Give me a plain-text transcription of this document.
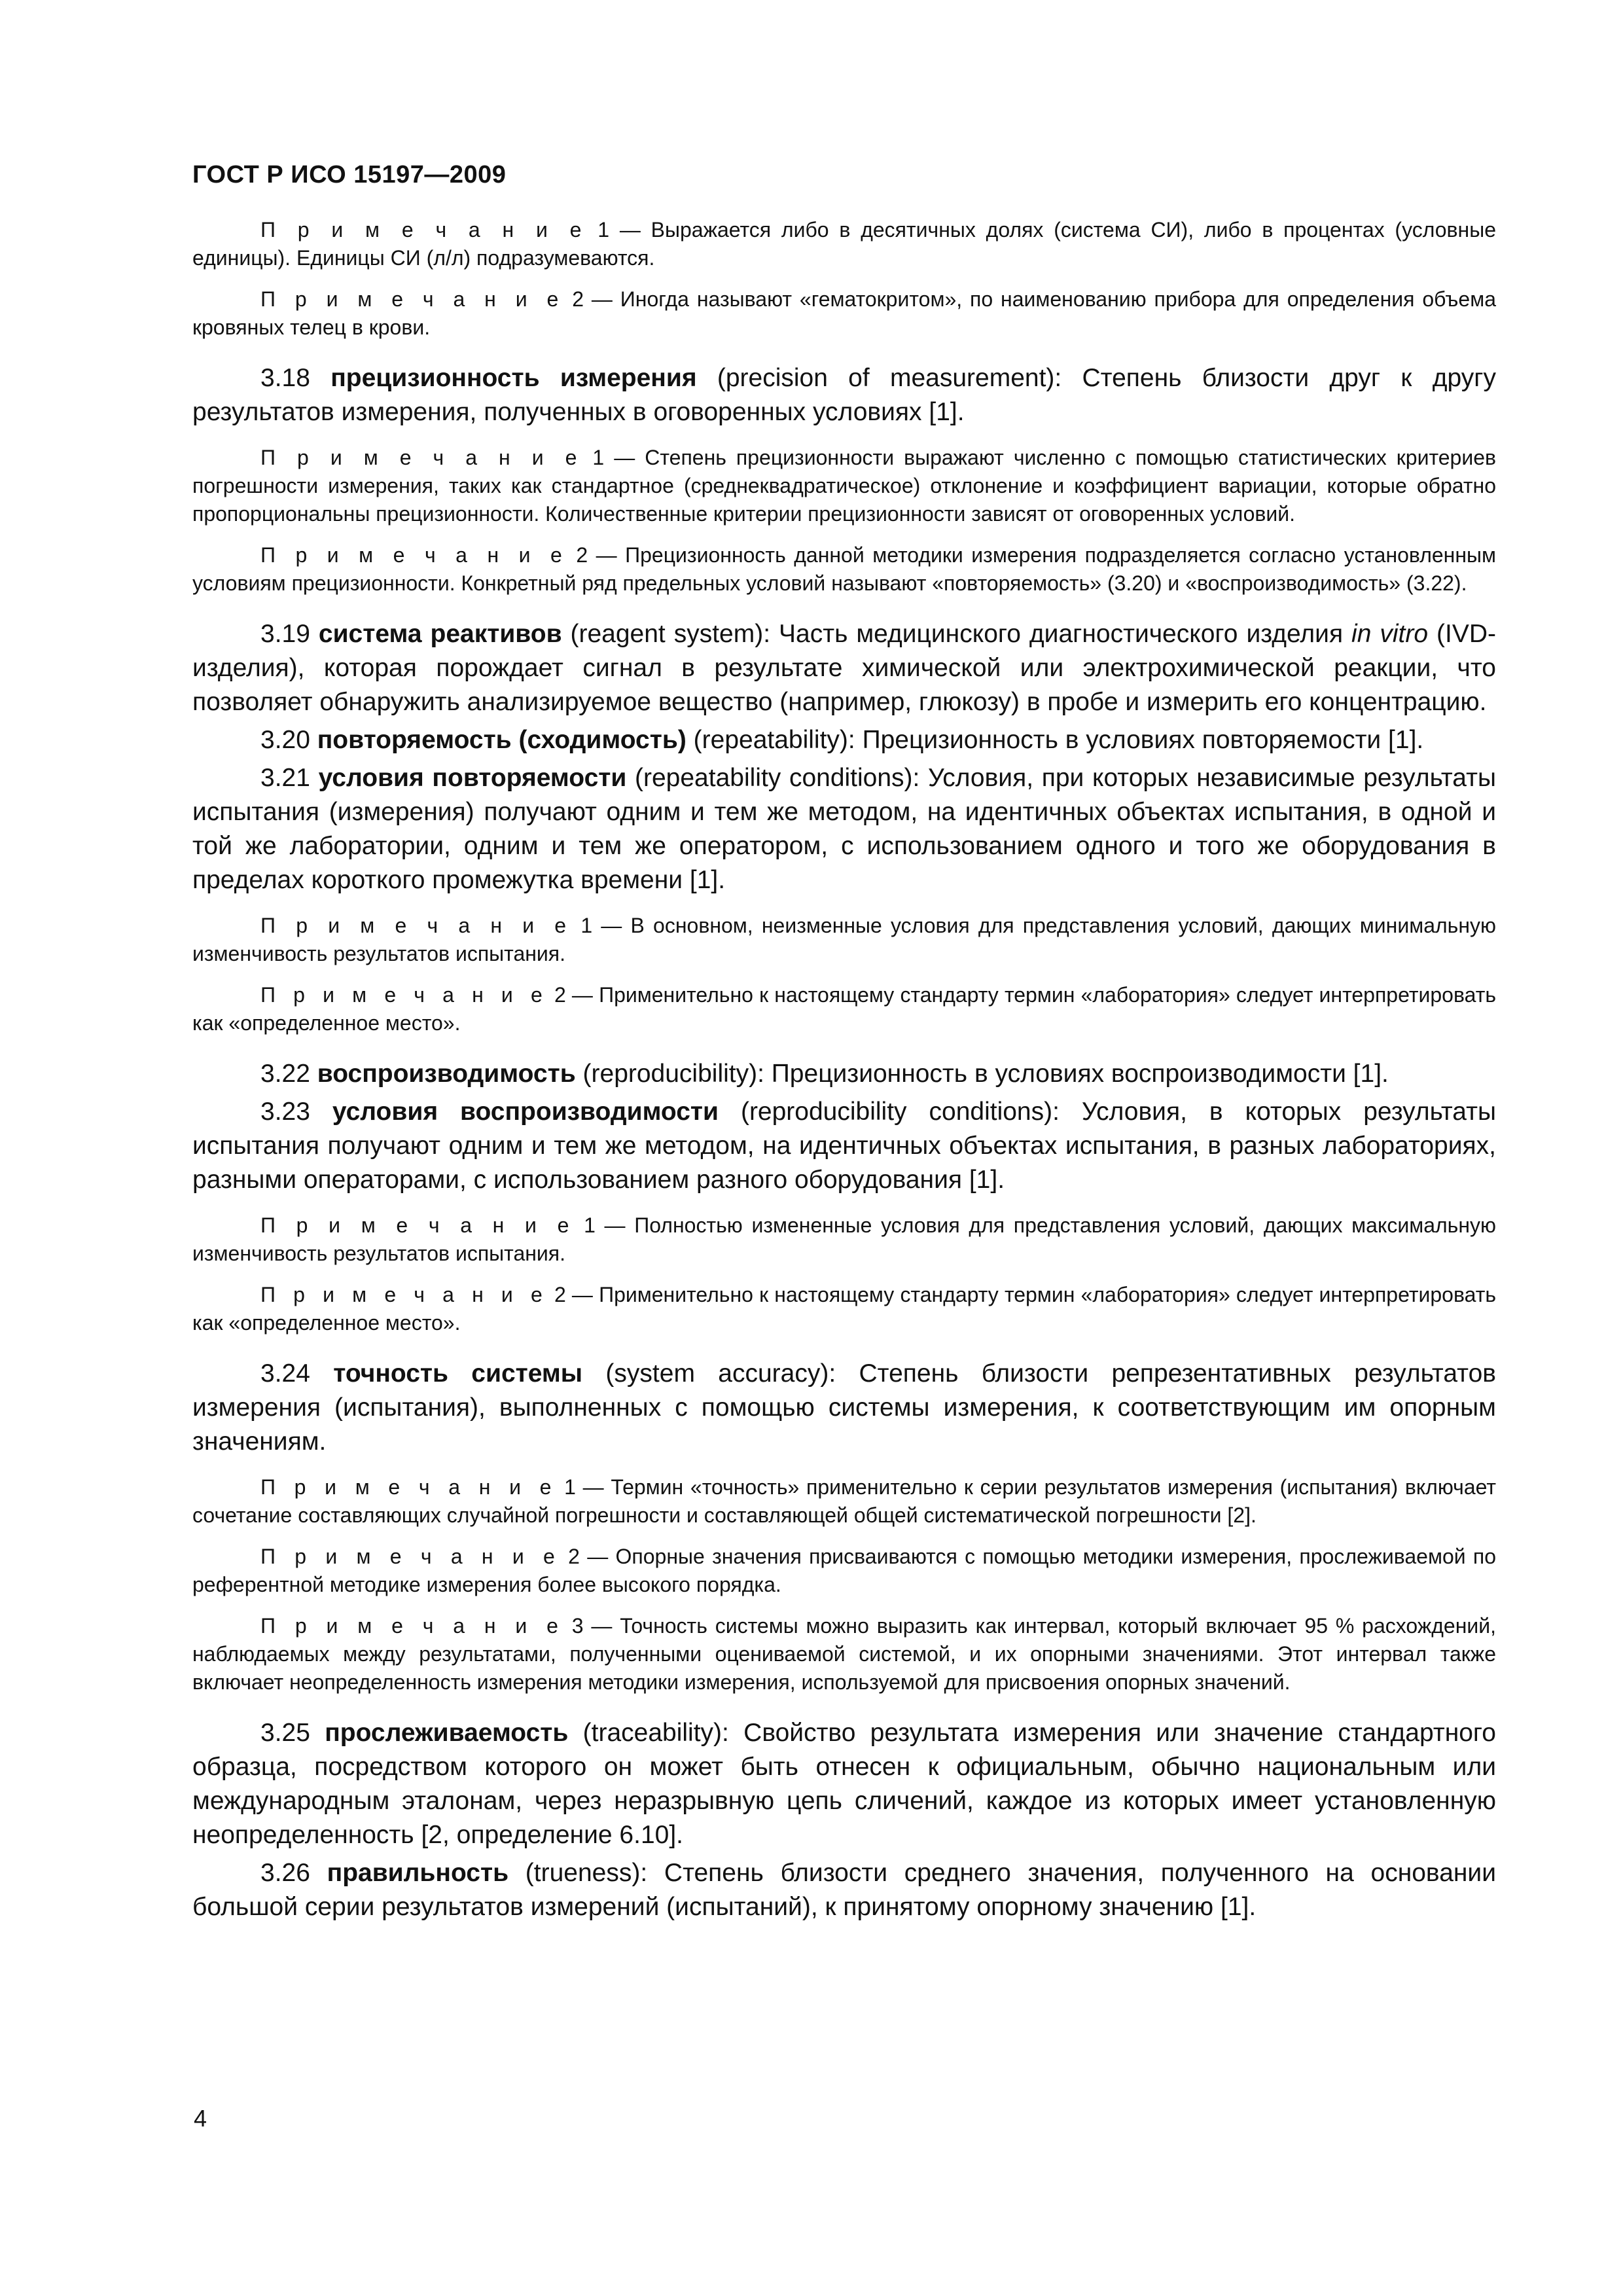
ГОСТ Р ИСО 15197—2009

П р и м е ч а н и е 1 — Выражается либо в десятичных долях (система СИ), либо в процентах (условные единицы). Единицы СИ (л/л) подразумеваются.

П р и м е ч а н и е 2 — Иногда называют «гематокритом», по наименованию прибора для определения объема кровяных телец в крови.

3.18 прецизионность измерения (precision of measurement): Степень близости друг к другу результатов измерения, полученных в оговоренных условиях [1].

П р и м е ч а н и е 1 — Степень прецизионности выражают численно с помощью статистических критериев погрешности измерения, таких как стандартное (среднеквадратическое) отклонение и коэффициент вариации, которые обратно пропорциональны прецизионности. Количественные критерии прецизионности зависят от оговоренных условий.

П р и м е ч а н и е 2 — Прецизионность данной методики измерения подразделяется согласно установленным условиям прецизионности. Конкретный ряд предельных условий называют «повторяемость» (3.20) и «воспроизводимость» (3.22).

3.19 система реактивов (reagent system): Часть медицинского диагностического изделия in vitro (IVD-изделия), которая порождает сигнал в результате химической или электрохимической реакции, что позволяет обнаружить анализируемое вещество (например, глюкозу) в пробе и измерить его концентрацию.

3.20 повторяемость (сходимость) (repeatability): Прецизионность в условиях повторяемости [1].

3.21 условия повторяемости (repeatability conditions): Условия, при которых независимые результаты испытания (измерения) получают одним и тем же методом, на идентичных объектах испытания, в одной и той же лаборатории, одним и тем же оператором, с использованием одного и того же оборудования в пределах короткого промежутка времени [1].

П р и м е ч а н и е 1 — В основном, неизменные условия для представления условий, дающих минимальную изменчивость результатов испытания.

П р и м е ч а н и е 2 — Применительно к настоящему стандарту термин «лаборатория» следует интерпретировать как «определенное место».

3.22 воспроизводимость (reproducibility): Прецизионность в условиях воспроизводимости [1].

3.23 условия воспроизводимости (reproducibility conditions): Условия, в которых результаты испытания получают одним и тем же методом, на идентичных объектах испытания, в разных лабораториях, разными операторами, с использованием разного оборудования [1].

П р и м е ч а н и е 1 — Полностью измененные условия для представления условий, дающих максимальную изменчивость результатов испытания.

П р и м е ч а н и е 2 — Применительно к настоящему стандарту термин «лаборатория» следует интерпретировать как «определенное место».

3.24 точность системы (system accuracy): Степень близости репрезентативных результатов измерения (испытания), выполненных с помощью системы измерения, к соответствующим им опорным значениям.

П р и м е ч а н и е 1 — Термин «точность» применительно к серии результатов измерения (испытания) включает сочетание составляющих случайной погрешности и составляющей общей систематической погрешности [2].

П р и м е ч а н и е 2 — Опорные значения присваиваются с помощью методики измерения, прослеживаемой по референтной методике измерения более высокого порядка.

П р и м е ч а н и е 3 — Точность системы можно выразить как интервал, который включает 95 % расхождений, наблюдаемых между результатами, полученными оцениваемой системой, и их опорными значениями. Этот интервал также включает неопределенность измерения методики измерения, используемой для присвоения опорных значений.

3.25 прослеживаемость (traceability): Свойство результата измерения или значение стандартного образца, посредством которого он может быть отнесен к официальным, обычно национальным или международным эталонам, через неразрывную цепь сличений, каждое из которых имеет установленную неопределенность [2, определение 6.10].

3.26 правильность (trueness): Степень близости среднего значения, полученного на основании большой серии результатов измерений (испытаний), к принятому опорному значению [1].

4
